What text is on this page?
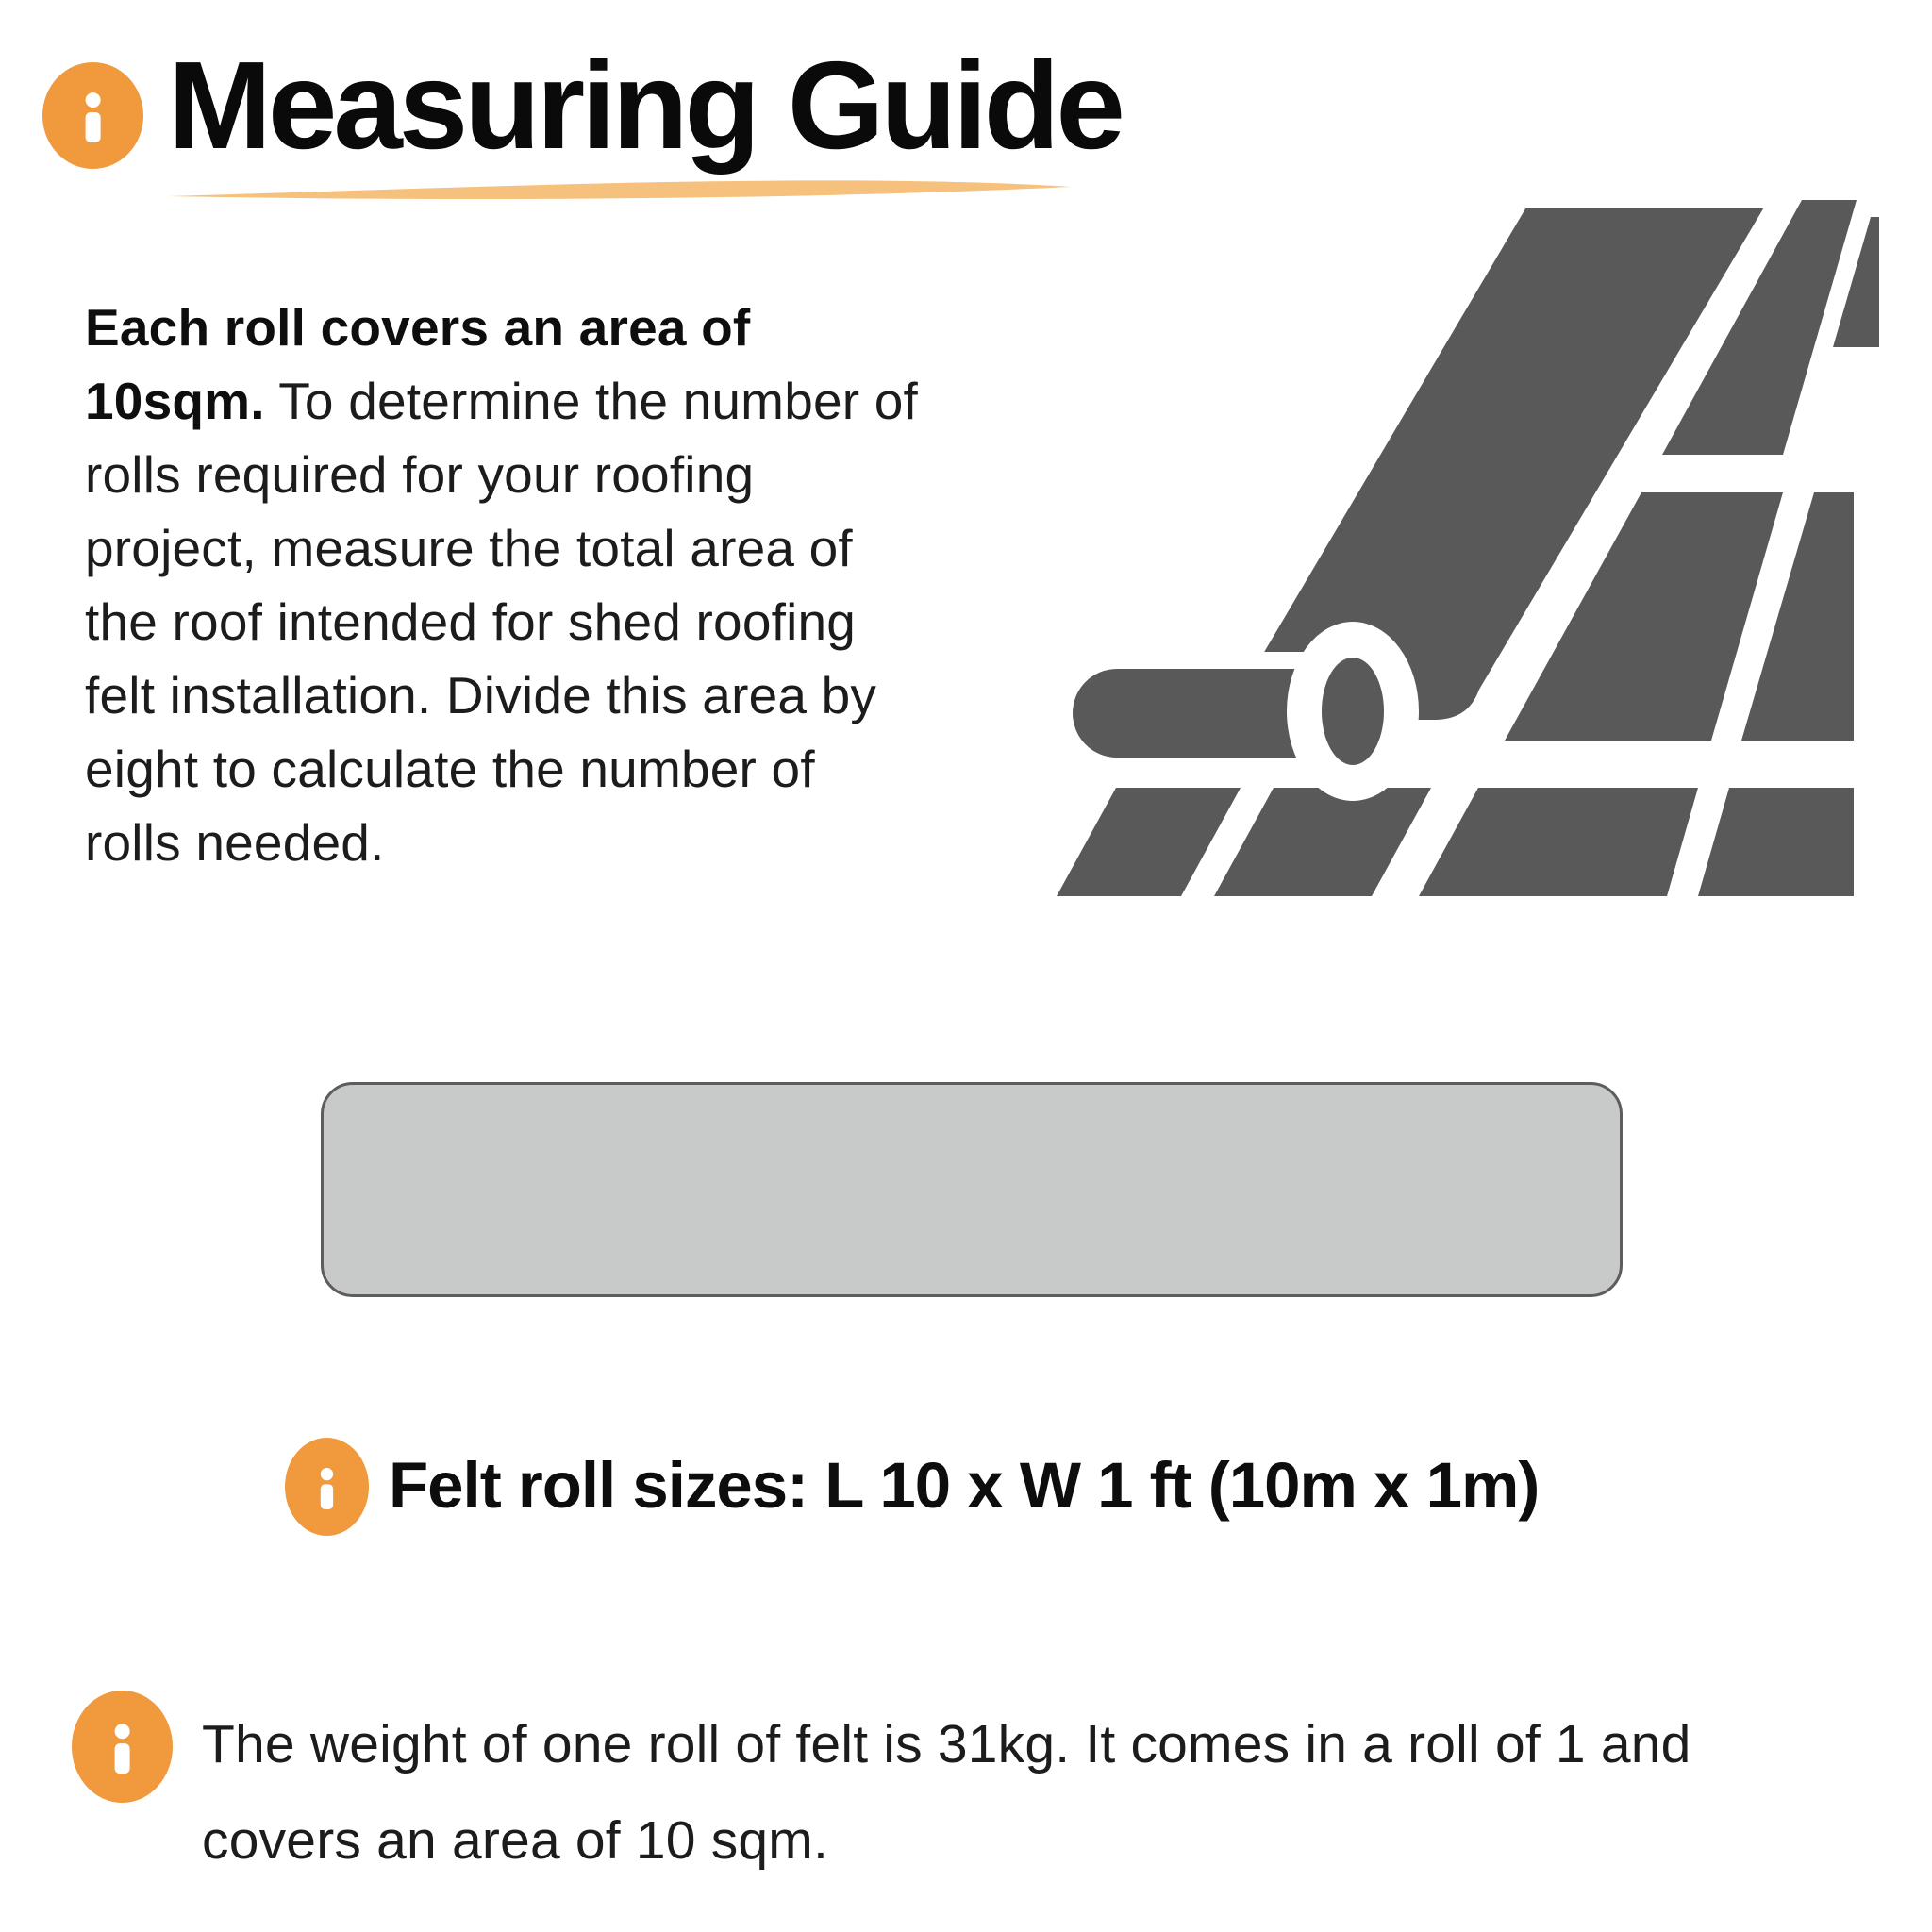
Measuring Guide
Each roll covers an area of 10sqm. To determine the number of rolls required for your roofing project, measure the total area of the roof intended for shed roofing felt installation. Divide this area by eight to calculate the number of rolls needed.
Felt roll sizes: L 10 x W 1 ft (10m x 1m)
The weight of one roll of felt is 31kg. It comes in a roll of 1 and covers an area of 10 sqm.
